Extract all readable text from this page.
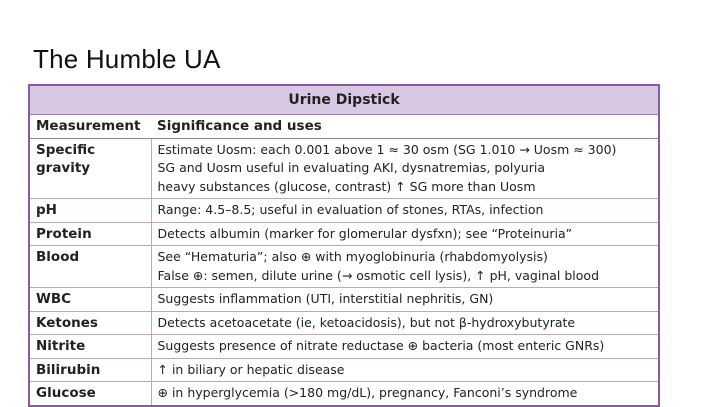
The Humble UA
Urine Dipstick
Measurement	Significance and uses
Specific gravity	Estimate Uosm: each 0.001 above 1 ≈ 30 osm (SG 1.010 → Uosm ≈ 300)
SG and Uosm useful in evaluating AKI, dysnatremias, polyuria
heavy substances (glucose, contrast) ↑ SG more than Uosm

pH	Range: 4.5–8.5; useful in evaluation of stones, RTAs, infection

Protein	Detects albumin (marker for glomerular dysfxn); see “Proteinuria”

Blood	See “Hematuria”; also ⊕ with myoglobinuria (rhabdomyolysis)
False ⊕: semen, dilute urine (→ osmotic cell lysis), ↑ pH, vaginal blood

WBC	Suggests inflammation (UTI, interstitial nephritis, GN)

Ketones	Detects acetoacetate (ie, ketoacidosis), but not β-hydroxybutyrate

Nitrite	Suggests presence of nitrate reductase ⊕ bacteria (most enteric GNRs)

Bilirubin	↑ in biliary or hepatic disease

Glucose	⊕ in hyperglycemia (>180 mg/dL), pregnancy, Fanconi’s syndrome
